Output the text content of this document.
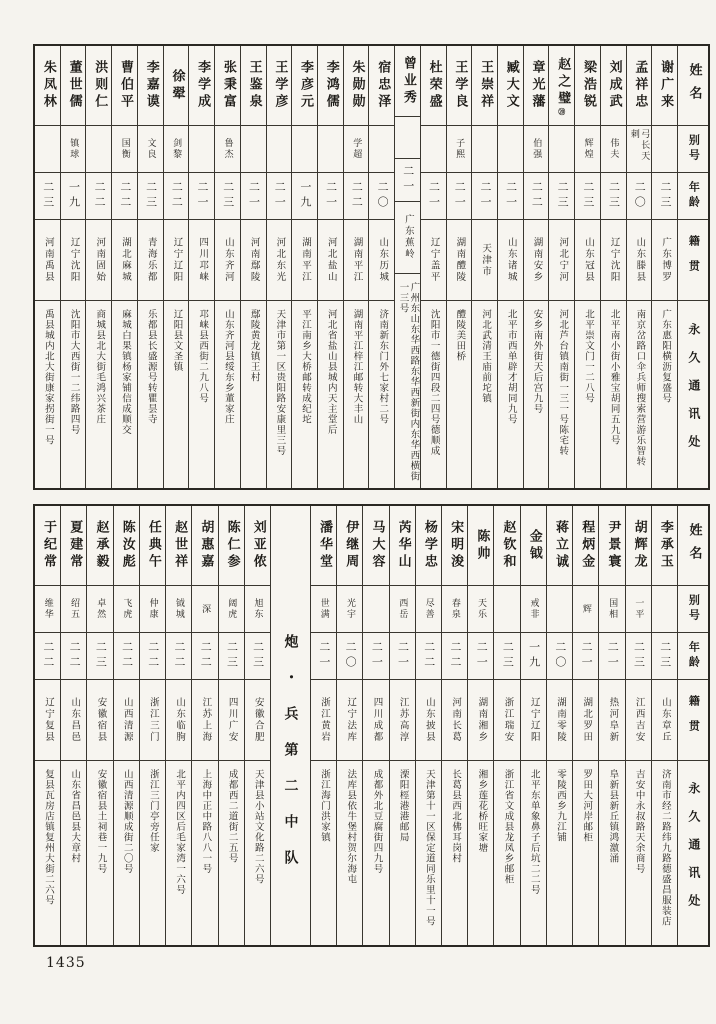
姓名
别号
年龄
籍贯
永久通讯处
谢广来
二三
广东博罗
广东惠阳横沥复盛号
孟祥忠
弓长天刺
二〇
山东滕县
南京岔路口伞兵师搜索营游乐智转
刘成武
伟夫
二三
辽宁沈阳
北平南小街小雅宝胡同五九号
梁浩锐
辉煌
二三
山东冠县
北平崇文门一二八号
赵之璧
⑳
二三
河北宁河
河北芦台镇南街一三一号陈宅转
章光藩
伯强
二二
湖南安乡
安乡南外街天后宫九号
臧大文
二一
山东诸城
北平市西单辟才胡同九号
王崇祥
二一
天津市
河北武清王庙前坨镇
王学良
子熙
二一
湖南醴陵
醴陵美田桥
杜荣盛
二一
辽宁盖平
沈阳市一德街四段二四号德顺成
曾业秀
二一
广东蕉岭
广州东山东华西路东华西新街内东华西横街一三号
宿忠泽
二〇
山东历城
济南新东门外七家村二号
朱勋勋
学超
二二
湖南平江
湖南平江梓江邮转大丰山
李鸿儒
二一
河北盐山
河北省盐山县城内天主堂后
李彦元
一九
湖南平江
平江南乡大桥邮转成纪坨
王学彦
二一
河北东光
天津市第一区贵阳路安康里三号
王鉴泉
二一
河南鄢陵
鄢陵黄龙镇王村
张秉富
鲁杰
二三
山东齐河
山东齐河县绥东乡董家庄
李学成
二一
四川邛崃
邛崃县西街二九八号
徐翚
剑黎
二二
辽宁辽阳
辽阳县文圣镇
李嘉谟
文良
二三
青海乐都
乐都县长盛源号转瞿昙寺
曹伯平
国衡
二二
湖北麻城
麻城白果镇杨家铺信成顺交
洪则仁
二二
河南固始
商城县北大街毛鸿兴茶庄
董世儒
镇球
一九
辽宁沈阳
沈阳市大西街一二纬路四号
朱凤林
二三
河南禹县
禹县城内北大街康家拐街一号
姓名
别号
年龄
籍贯
永久通讯处
李承玉
二三
山东章丘
济南市经二路纬九路德盛昌服装店
胡辉龙
一平
二三
江西吉安
吉安中永叔路天余商号
尹景寰
国相
二一
热河阜新
阜新县新丘镇鸿激涌
程炳金
辉
二一
湖北罗田
罗田大河岸邮柜
蒋立诚
二〇
湖南零陵
零陵西乡九江铺
金钺
戒非
一九
辽宁辽阳
北平东单象鼻子后坑二二号
赵钦和
二三
浙江瑞安
浙江省文成县龙凤乡邮柜
陈帅
天乐
二一
湖南湘乡
湘乡莲花桥旺家塘
宋明浚
春泉
二二
河南长葛
长葛县西北佛耳岗村
杨学忠
尽善
二二
山东披县
天津第十一区保定道同乐里十一号
芮华山
西岳
二一
江苏高淳
溧阳桱港港邮局
马大容
二一
四川成都
成都外北豆腐街四九号
伊继周
光宇
二〇
辽宁法库
法库县依牛堡村贺尔海屯
潘华堂
世满
二一
浙江黄岩
浙江海门洪家镇
炮・兵第二中队
刘亚侬
旭东
二三
安徽合肥
天津县小站文化路二六号
陈仁参
阔虎
二三
四川广安
成都西二道街二五号
胡惠嘉
深
二二
江苏上海
上海中正中路八八一号
赵世祥
钺城
二二
山东临朐
北平内四区后毛家湾一六号
任典午
仲康
二二
浙江三门
浙江三门亭旁任家
陈汝彪
飞虎
二二
山西清源
山西清源顺成街二〇号
赵承毅
卓然
二三
安徽宿县
安徽宿县土祠巷一九号
夏建常
绍五
二二
山东昌邑
山东省昌邑县大章村
于纪常
维华
二二
辽宁复县
复县瓦房店镇复州大街二六号
1435
